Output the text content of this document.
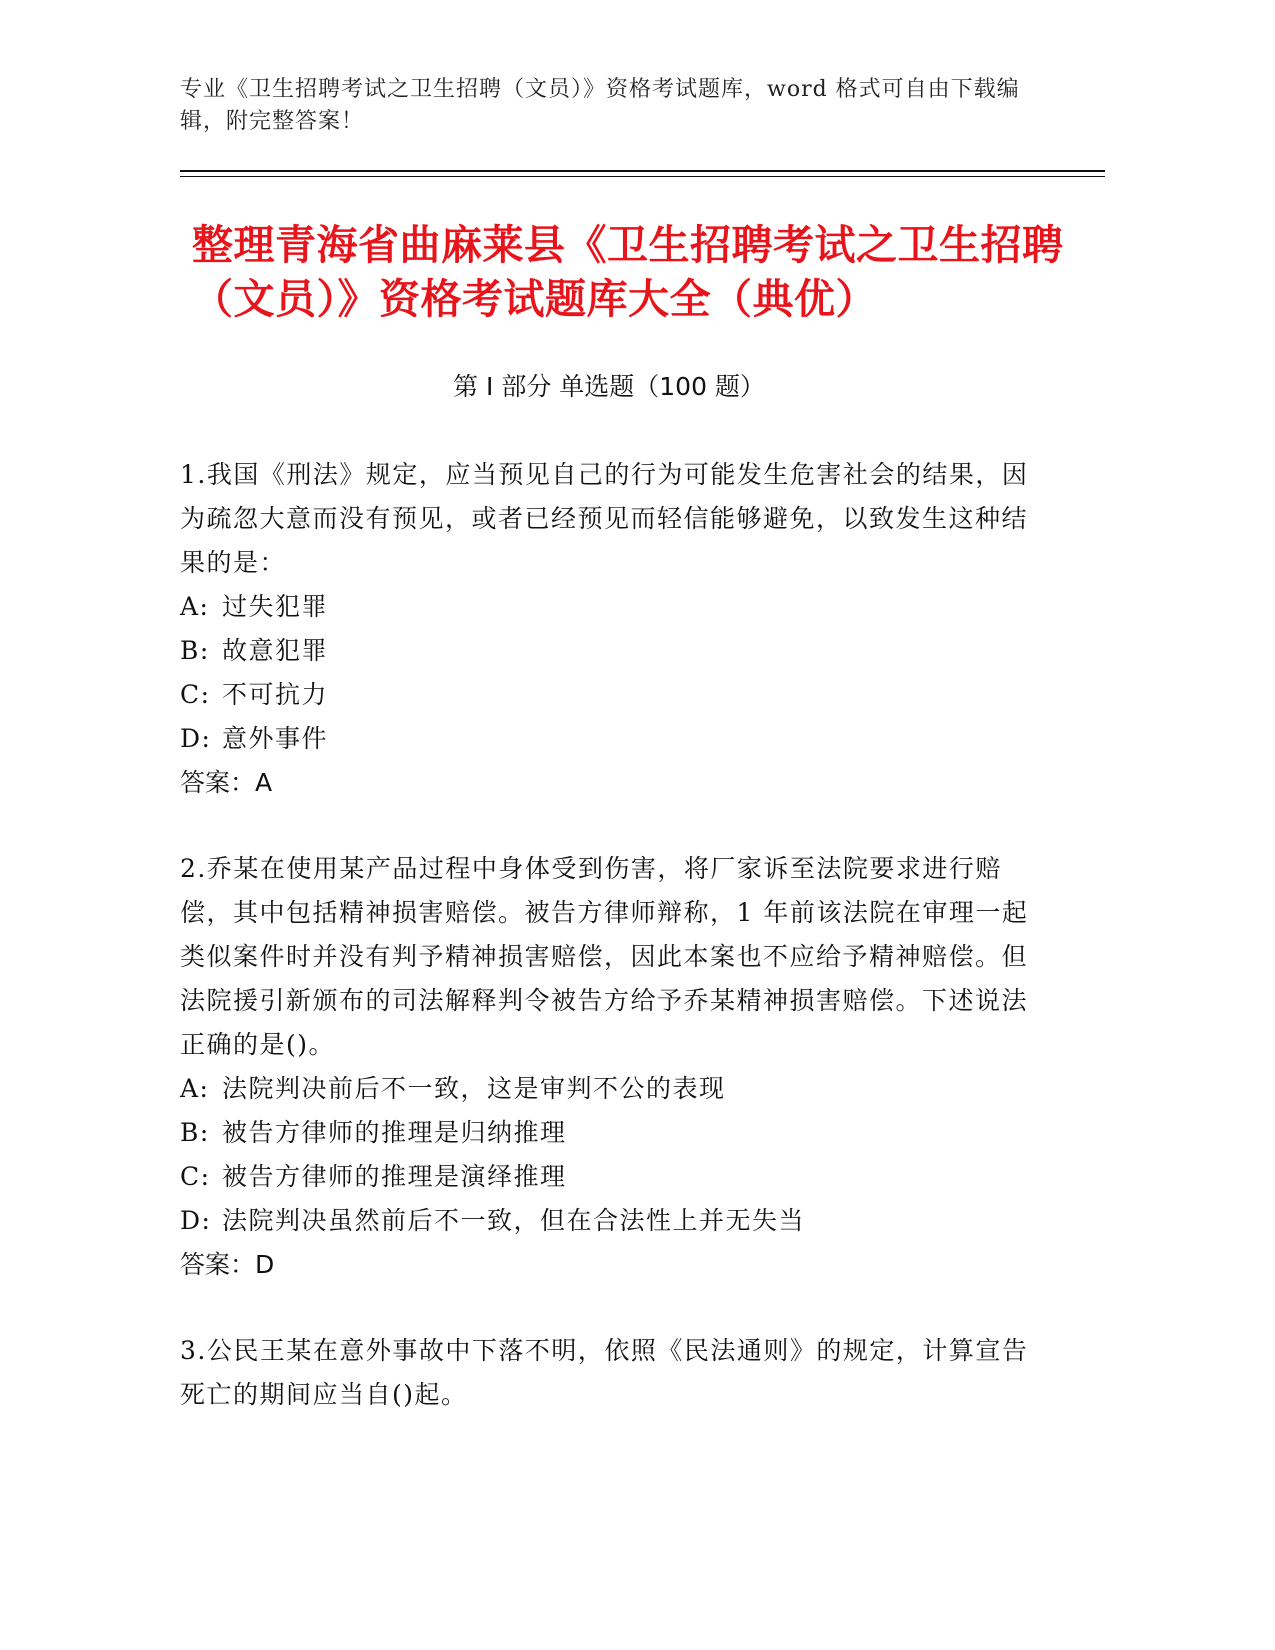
专业《卫生招聘考试之卫生招聘（文员）》资格考试题库，word 格式可自由下载编辑，附完整答案！
整理青海省曲麻莱县《卫生招聘考试之卫生招聘（文员）》资格考试题库大全（典优）
第 I 部分 单选题（100 题）

1.我国《刑法》规定，应当预见自己的行为可能发生危害社会的结果，因为疏忽大意而没有预见，或者已经预见而轻信能够避免，以致发生这种结果的是：

A: 过失犯罪
B: 故意犯罪
C: 不可抗力
D: 意外事件
答案：A

2.乔某在使用某产品过程中身体受到伤害，将厂家诉至法院要求进行赔偿，其中包括精神损害赔偿。被告方律师辩称，1 年前该法院在审理一起类似案件时并没有判予精神损害赔偿，因此本案也不应给予精神赔偿。但法院援引新颁布的司法解释判令被告方给予乔某精神损害赔偿。下述说法正确的是()。

A: 法院判决前后不一致，这是审判不公的表现
B: 被告方律师的推理是归纳推理
C: 被告方律师的推理是演绎推理
D: 法院判决虽然前后不一致，但在合法性上并无失当
答案：D

3.公民王某在意外事故中下落不明，依照《民法通则》的规定，计算宣告死亡的期间应当自()起。
